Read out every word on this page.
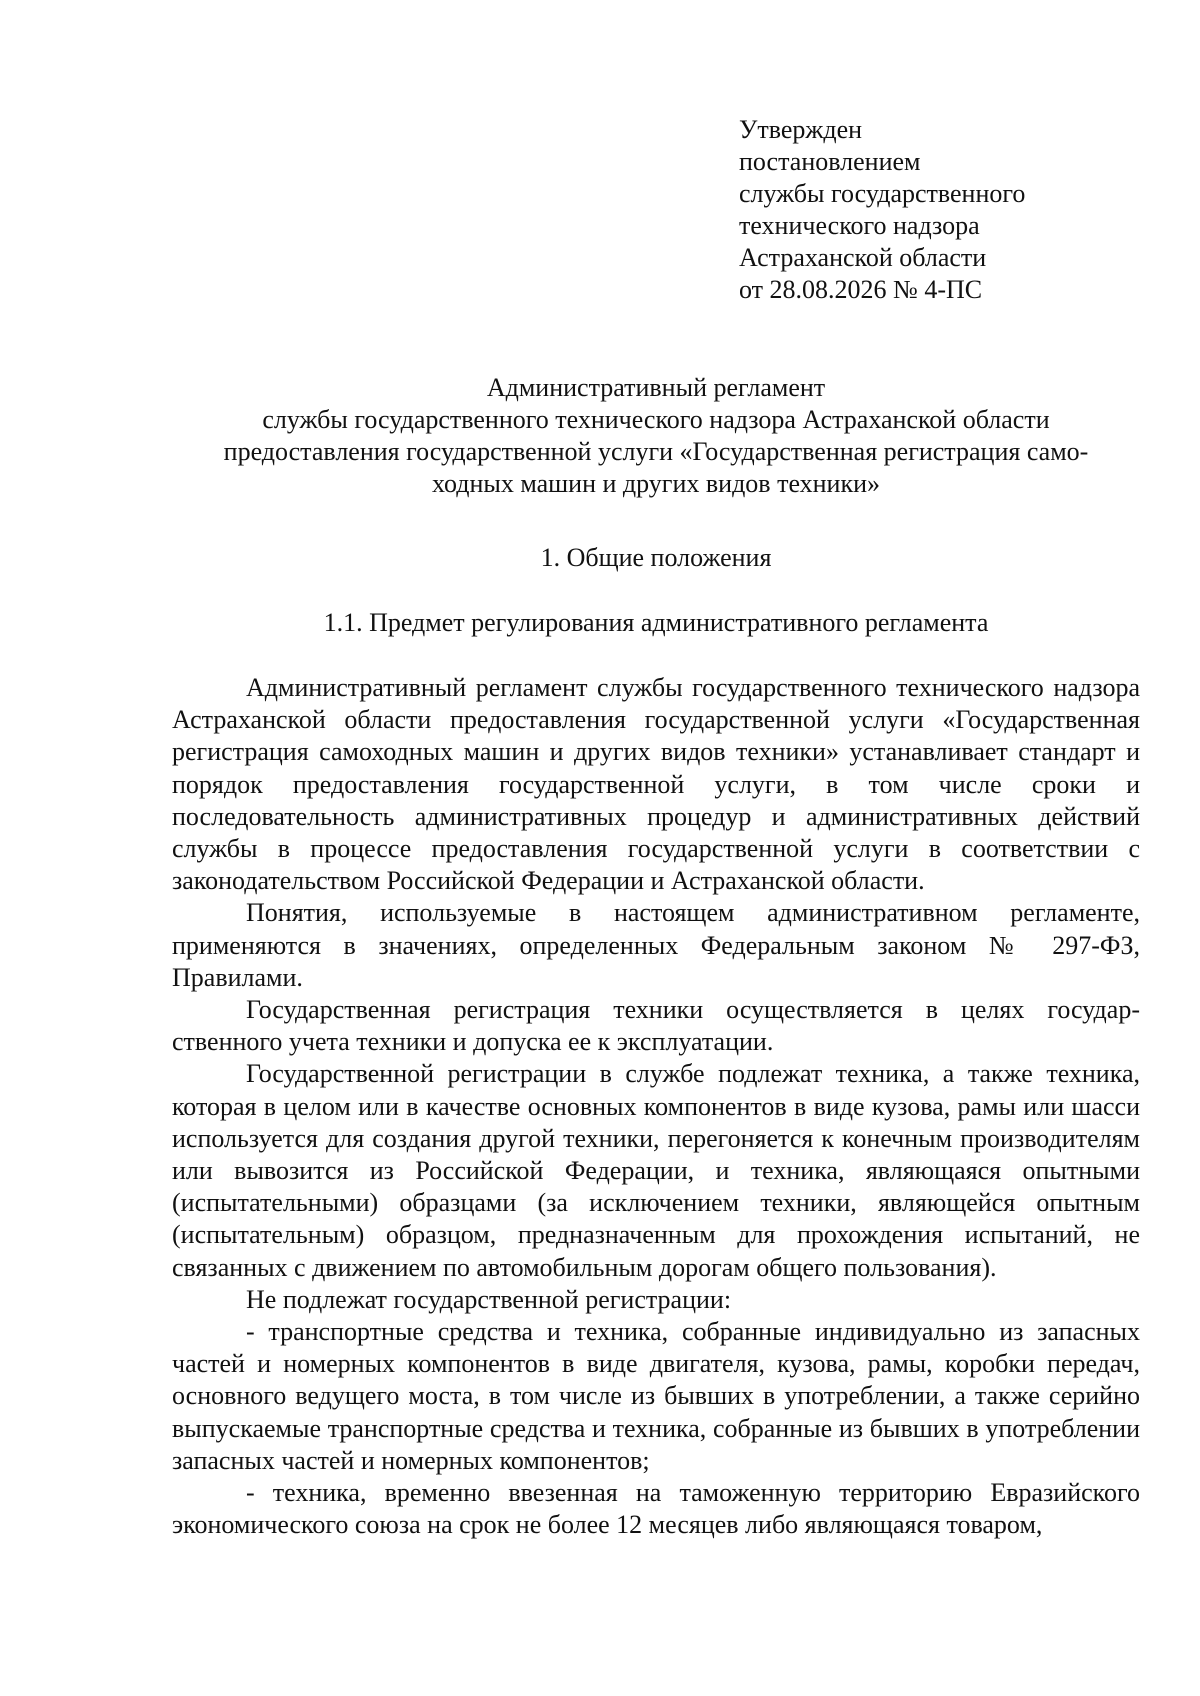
Утвержден
постановлением
службы государственного
технического надзора
Астраханской области
от 28.08.2026 № 4-ПС
Административный регламент
службы государственного технического надзора Астраханской области
предоставления государственной услуги «Государственная регистрация само-
ходных машин и других видов техники»
1. Общие положения
1.1. Предмет регулирования административного регламента

Административный регламент службы государственного технического надзора Астраханской области предоставления государственной услуги «Государственная регистрация самоходных машин и других видов техники» устанавливает стандарт и порядок предоставления государственной услуги, в том числе сроки и последовательность административных процедур и административных действий службы в процессе предоставления государственной услуги в соответствии с законодательством Российской Федерации и Астраханской области.

Понятия, используемые в настоящем административном регламенте, применяются в значениях, определенных Федеральным законом № 297-ФЗ, Правилами.

Государственная регистрация техники осуществляется в целях государственного учета техники и допуска ее к эксплуатации.

Государственной регистрации в службе подлежат техника, а также техника, которая в целом или в качестве основных компонентов в виде кузова, рамы или шасси используется для создания другой техники, перегоняется к конечным производителям или вывозится из Российской Федерации, и техника, являющаяся опытными (испытательными) образцами (за исключением техники, являющейся опытным (испытательным) образцом, предназначенным для прохождения испытаний, не связанных с движением по автомобильным дорогам общего пользования).

Не подлежат государственной регистрации:

- транспортные средства и техника, собранные индивидуально из запасных частей и номерных компонентов в виде двигателя, кузова, рамы, коробки передач, основного ведущего моста, в том числе из бывших в употреблении, а также серийно выпускаемые транспортные средства и техника, собранные из бывших в употреблении запасных частей и номерных компонентов;

- техника, временно ввезенная на таможенную территорию Евразийского экономического союза на срок не более 12 месяцев либо являющаяся товаром,
